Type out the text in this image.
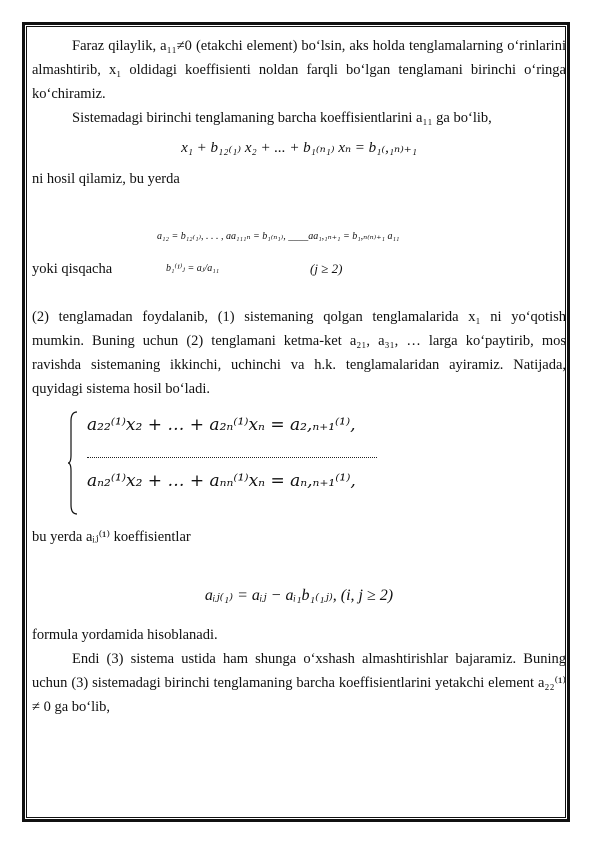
Faraz qilaylik, a₁₁≠0 (etakchi element) bo‘lsin, aks holda tenglamalarning o‘rinlarini almashtirib, x₁ oldidagi koeffisienti noldan farqli bo‘lgan tenglamani birinchi o‘ringa ko‘chiramiz.

Sistemadagi birinchi tenglamaning barcha koeffisientlarini a₁₁ ga bo‘lib,

x₁ + b₁₂₍₁₎ x₂ + ... + b₁₍ₙ₁₎ xₙ = b₁₍,₁ₙ₎₊₁

ni hosil qilamiz, bu yerda

a₁₂ = b₁₂₍₁₎, . . . , aa₁₁₁ₙ = b₁₍ₙ₁₎, ____aa₁,₁ₙ₊₁ = b₁,ₙ₍ₙ₎₊₁ a₁₁
yoki qisqacha	b₁⁽¹⁾ⱼ = aⱼ/a₁₁	(j ≥ 2)

(2) tenglamadan foydalanib, (1) sistemaning qolgan tenglamalarida x₁ ni yo‘qotish mumkin. Buning uchun (2) tenglamani ketma-ket a₂₁, a₃₁, … larga ko‘paytirib, mos ravishda sistemaning ikkinchi, uchinchi va h.k. tenglamalaridan ayiramiz. Natijada, quyidagi sistema hosil bo‘ladi.

a₂₂⁽¹⁾x₂ + … + a₂ₙ⁽¹⁾xₙ = a₂,ₙ₊₁⁽¹⁾,
aₙ₂⁽¹⁾x₂ + … + aₙₙ⁽¹⁾xₙ = aₙ,ₙ₊₁⁽¹⁾,

bu yerda aᵢⱼ⁽¹⁾ koeffisientlar

aᵢⱼ₍₁₎ = aᵢⱼ − aᵢ₁b₁₍₁ⱼ₎, (i, j ≥ 2)

formula yordamida hisoblanadi.

Endi (3) sistema ustida ham shunga o‘xshash almashtirishlar bajaramiz. Buning uchun (3) sistemadagi birinchi tenglamaning barcha koeffisientlarini yetakchi element a₂₂⁽¹⁾ ≠ 0 ga bo‘lib,
